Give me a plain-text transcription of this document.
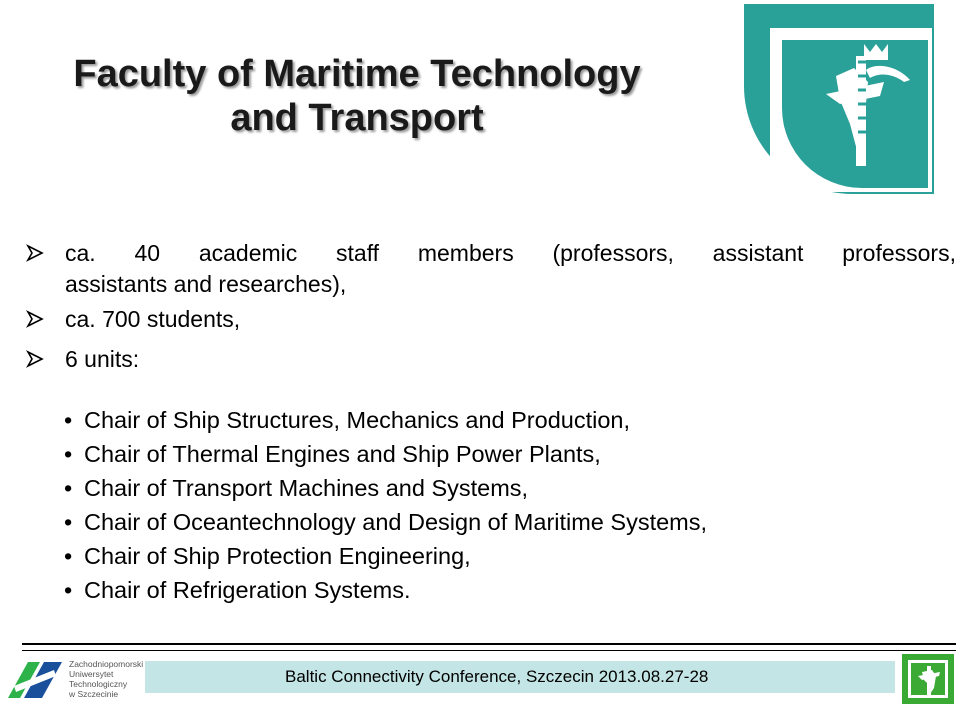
Faculty of Maritime Technology
and Transport
ca. 40 academic staff members (professors, assistant professors,
assistants and researches),
ca. 700 students,
6 units:
• Chair of Ship Structures, Mechanics and Production,
• Chair of Thermal Engines and Ship Power Plants,
• Chair of Transport Machines and Systems,
• Chair of Oceantechnology and Design of Maritime Systems,
• Chair of Ship Protection Engineering,
• Chair of Refrigeration Systems.
Zachodniopomorski
Uniwersytet
Technologiczny
w Szczecinie
Baltic Connectivity Conference, Szczecin 2013.08.27-28
